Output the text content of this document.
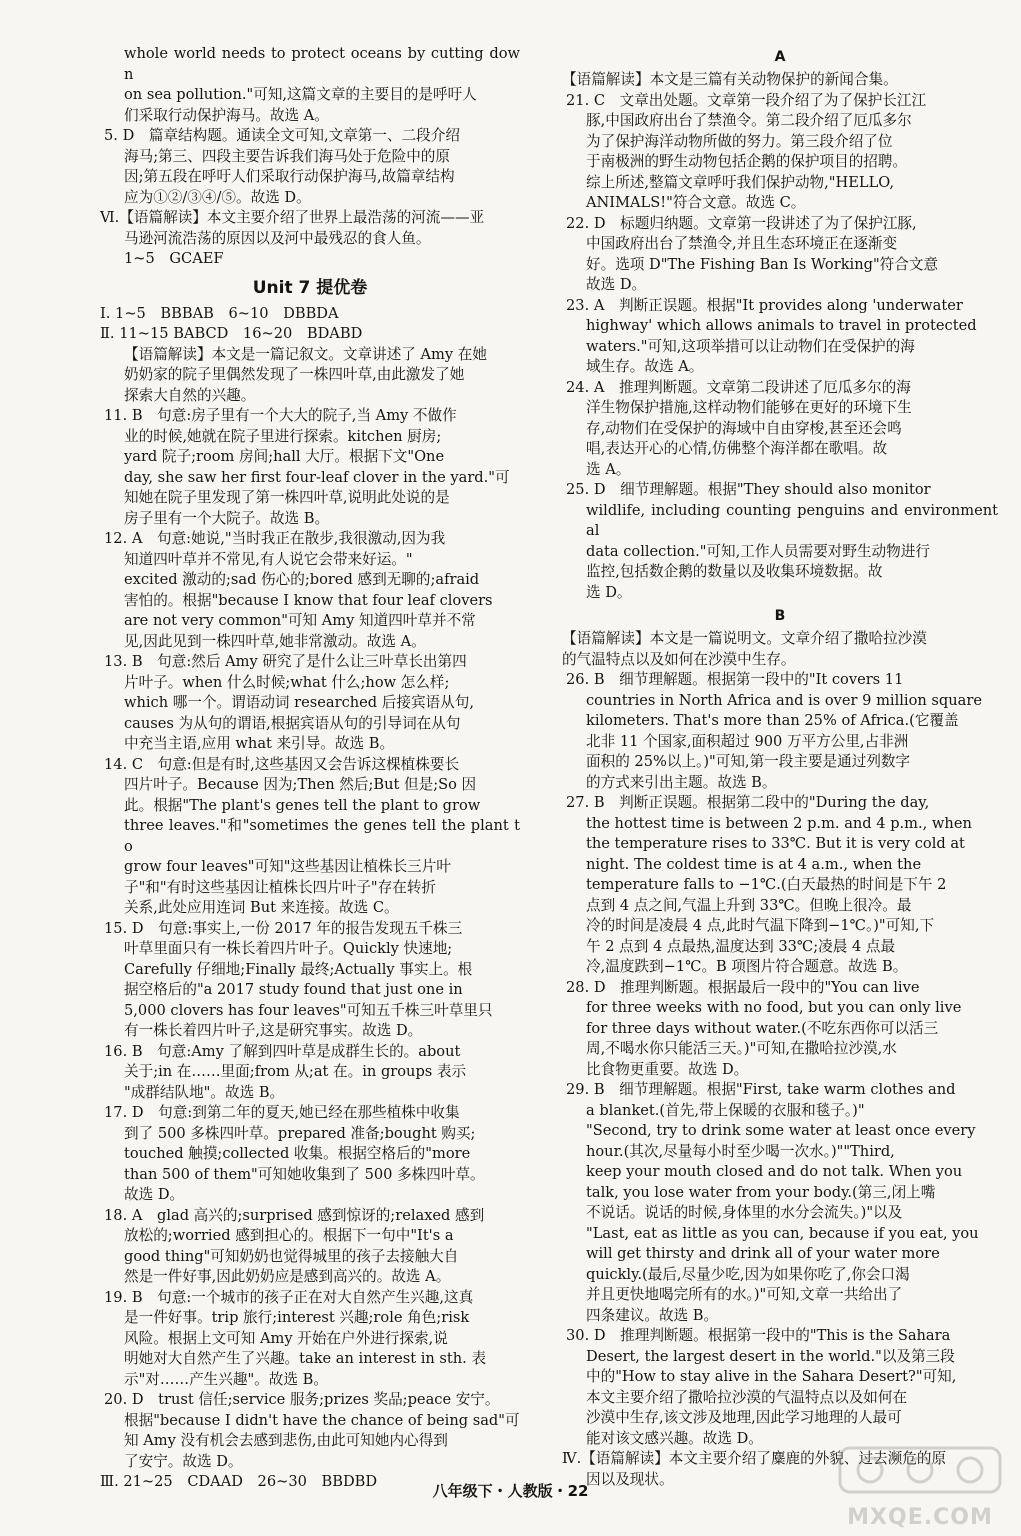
whole world needs to protect oceans by cutting down

on sea pollution."可知,这篇文章的主要目的是呼吁人

们采取行动保护海马。故选 A。

5. D　篇章结构题。通读全文可知,文章第一、二段介绍

海马;第三、四段主要告诉我们海马处于危险中的原

因;第五段在呼吁人们采取行动保护海马,故篇章结构

应为①②/③④/⑤。故选 D。

Ⅵ.【语篇解读】本文主要介绍了世界上最浩荡的河流——亚

马逊河流浩荡的原因以及河中最残忍的食人鱼。

1~5　GCAEF

Unit 7 提优卷

Ⅰ. 1~5　BBBAB　6~10　DBBDA

Ⅱ. 11~15 BABCD　16~20　BDABD

【语篇解读】本文是一篇记叙文。文章讲述了 Amy 在她

奶奶家的院子里偶然发现了一株四叶草,由此激发了她

探索大自然的兴趣。

11. B　句意:房子里有一个大大的院子,当 Amy 不做作

业的时候,她就在院子里进行探索。kitchen 厨房;

yard 院子;room 房间;hall 大厅。根据下文"One

day, she saw her first four-leaf clover in the yard."可

知她在院子里发现了第一株四叶草,说明此处说的是

房子里有一个大院子。故选 B。

12. A　句意:她说,"当时我正在散步,我很激动,因为我

知道四叶草并不常见,有人说它会带来好运。"

excited 激动的;sad 伤心的;bored 感到无聊的;afraid

害怕的。根据"because I know that four leaf clovers

are not very common"可知 Amy 知道四叶草并不常

见,因此见到一株四叶草,她非常激动。故选 A。

13. B　句意:然后 Amy 研究了是什么让三叶草长出第四

片叶子。when 什么时候;what 什么;how 怎么样;

which 哪一个。谓语动词 researched 后接宾语从句,

causes 为从句的谓语,根据宾语从句的引导词在从句

中充当主语,应用 what 来引导。故选 B。

14. C　句意:但是有时,这些基因又会告诉这棵植株要长

四片叶子。Because 因为;Then 然后;But 但是;So 因

此。根据"The plant's genes tell the plant to grow

three leaves."和"sometimes the genes tell the plant to

grow four leaves"可知"这些基因让植株长三片叶

子"和"有时这些基因让植株长四片叶子"存在转折

关系,此处应用连词 But 来连接。故选 C。

15. D　句意:事实上,一份 2017 年的报告发现五千株三

叶草里面只有一株长着四片叶子。Quickly 快速地;

Carefully 仔细地;Finally 最终;Actually 事实上。根

据空格后的"a 2017 study found that just one in

5,000 clovers has four leaves"可知五千株三叶草里只

有一株长着四片叶子,这是研究事实。故选 D。

16. B　句意:Amy 了解到四叶草是成群生长的。about

关于;in 在……里面;from 从;at 在。in groups 表示

"成群结队地"。故选 B。

17. D　句意:到第二年的夏天,她已经在那些植株中收集

到了 500 多株四叶草。prepared 准备;bought 购买;

touched 触摸;collected 收集。根据空格后的"more

than 500 of them"可知她收集到了 500 多株四叶草。

故选 D。

18. A　glad 高兴的;surprised 感到惊讶的;relaxed 感到

放松的;worried 感到担心的。根据下一句中"It's a

good thing"可知奶奶也觉得城里的孩子去接触大自

然是一件好事,因此奶奶应是感到高兴的。故选 A。

19. B　句意:一个城市的孩子正在对大自然产生兴趣,这真

是一件好事。trip 旅行;interest 兴趣;role 角色;risk

风险。根据上文可知 Amy 开始在户外进行探索,说

明她对大自然产生了兴趣。take an interest in sth. 表

示"对……产生兴趣"。故选 B。

20. D　trust 信任;service 服务;prizes 奖品;peace 安宁。

根据"because I didn't have the chance of being sad"可

知 Amy 没有机会去感到悲伤,由此可知她内心得到

了安宁。故选 D。

Ⅲ. 21~25　CDAAD　26~30　BBDBD

A

【语篇解读】本文是三篇有关动物保护的新闻合集。

21. C　文章出处题。文章第一段介绍了为了保护长江江

豚,中国政府出台了禁渔令。第二段介绍了厄瓜多尔

为了保护海洋动物所做的努力。第三段介绍了位

于南极洲的野生动物包括企鹅的保护项目的招聘。

综上所述,整篇文章呼吁我们保护动物,"HELLO,

ANIMALS!"符合文意。故选 C。

22. D　标题归纳题。文章第一段讲述了为了保护江豚,

中国政府出台了禁渔令,并且生态环境正在逐渐变

好。选项 D"The Fishing Ban Is Working"符合文意

故选 D。

23. A　判断正误题。根据"It provides along 'underwater

highway' which allows animals to travel in protected

waters."可知,这项举措可以让动物们在受保护的海

域生存。故选 A。

24. A　推理判断题。文章第二段讲述了厄瓜多尔的海

洋生物保护措施,这样动物们能够在更好的环境下生

存,动物们在受保护的海域中自由穿梭,甚至还会鸣

唱,表达开心的心情,仿佛整个海洋都在歌唱。故

选 A。

25. D　细节理解题。根据"They should also monitor

wildlife, including counting penguins and environmental

data collection."可知,工作人员需要对野生动物进行

监控,包括数企鹅的数量以及收集环境数据。故

选 D。

B

【语篇解读】本文是一篇说明文。文章介绍了撒哈拉沙漠

的气温特点以及如何在沙漠中生存。

26. B　细节理解题。根据第一段中的"It covers 11

countries in North Africa and is over 9 million square

kilometers. That's more than 25% of Africa.(它覆盖

北非 11 个国家,面积超过 900 万平方公里,占非洲

面积的 25%以上。)"可知,第一段主要是通过列数字

的方式来引出主题。故选 B。

27. B　判断正误题。根据第二段中的"During the day,

the hottest time is between 2 p.m. and 4 p.m., when

the temperature rises to 33℃. But it is very cold at

night. The coldest time is at 4 a.m., when the

temperature falls to −1℃.(白天最热的时间是下午 2

点到 4 点之间,气温上升到 33℃。但晚上很冷。最

冷的时间是凌晨 4 点,此时气温下降到−1℃。)"可知,下

午 2 点到 4 点最热,温度达到 33℃;凌晨 4 点最

冷,温度跌到−1℃。B 项图片符合题意。故选 B。

28. D　推理判断题。根据最后一段中的"You can live

for three weeks with no food, but you can only live

for three days without water.(不吃东西你可以活三

周,不喝水你只能活三天。)"可知,在撒哈拉沙漠,水

比食物更重要。故选 D。

29. B　细节理解题。根据"First, take warm clothes and

a blanket.(首先,带上保暖的衣服和毯子。)"

"Second, try to drink some water at least once every

hour.(其次,尽量每小时至少喝一次水。)""Third,

keep your mouth closed and do not talk. When you

talk, you lose water from your body.(第三,闭上嘴

不说话。说话的时候,身体里的水分会流失。)"以及

"Last, eat as little as you can, because if you eat, you

will get thirsty and drink all of your water more

quickly.(最后,尽量少吃,因为如果你吃了,你会口渴

并且更快地喝完所有的水。)"可知,文章一共给出了

四条建议。故选 B。

30. D　推理判断题。根据第一段中的"This is the Sahara

Desert, the largest desert in the world."以及第三段

中的"How to stay alive in the Sahara Desert?"可知,

本文主要介绍了撒哈拉沙漠的气温特点以及如何在

沙漠中生存,该文涉及地理,因此学习地理的人最可

能对该文感兴趣。故选 D。

Ⅳ.【语篇解读】本文主要介绍了麋鹿的外貌、过去濒危的原

因以及现状。

八年级下・人教版・22
MXQE.COM
